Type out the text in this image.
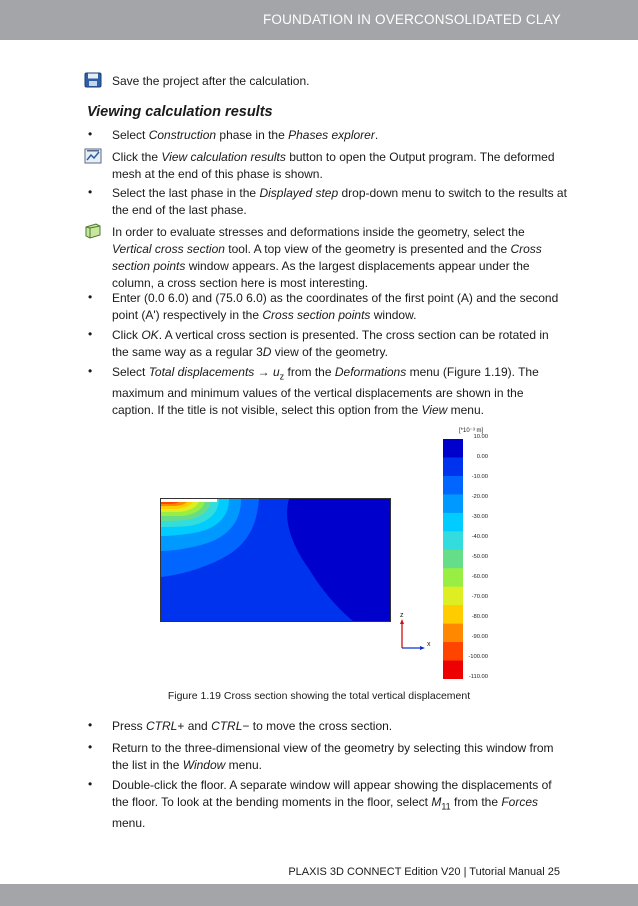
FOUNDATION IN OVERCONSOLIDATED CLAY

Save the project after the calculation.

Viewing calculation results
• Select Construction phase in the Phases explorer.

Click the View calculation results button to open the Output program. The deformed mesh at the end of this phase is shown.

• Select the last phase in the Displayed step drop-down menu to switch to the results at the end of the last phase.

In order to evaluate stresses and deformations inside the geometry, select the Vertical cross section tool. A top view of the geometry is presented and the Cross section points window appears. As the largest displacements appear under the column, a cross section here is most interesting.

• Enter (0.0 6.0) and (75.0 6.0) as the coordinates of the first point (A) and the second point (A') respectively in the Cross section points window.

• Click OK. A vertical cross section is presented. The cross section can be rotated in the same way as a regular 3D view of the geometry.

• Select Total displacements → $u_z$ from the Deformations menu (Figure 1.19). The maximum and minimum values of the vertical displacements are shown in the caption. If the title is not visible, select this option from the View menu.

[*10⁻³ m]
10.00
0.00
-10.00
-20.00
-30.00
-40.00
-50.00
-60.00
-70.00
-80.00
-90.00
-100.00
-110.00
z
x
Figure 1.19 Cross section showing the total vertical displacement
• Press CTRL+ and CTRL− to move the cross section.

• Return to the three-dimensional view of the geometry by selecting this window from the list in the Window menu.

• Double-click the floor. A separate window will appear showing the displacements of the floor. To look at the bending moments in the floor, select $M_{11}$ from the Forces menu.

PLAXIS 3D CONNECT Edition V20 | Tutorial Manual 25
